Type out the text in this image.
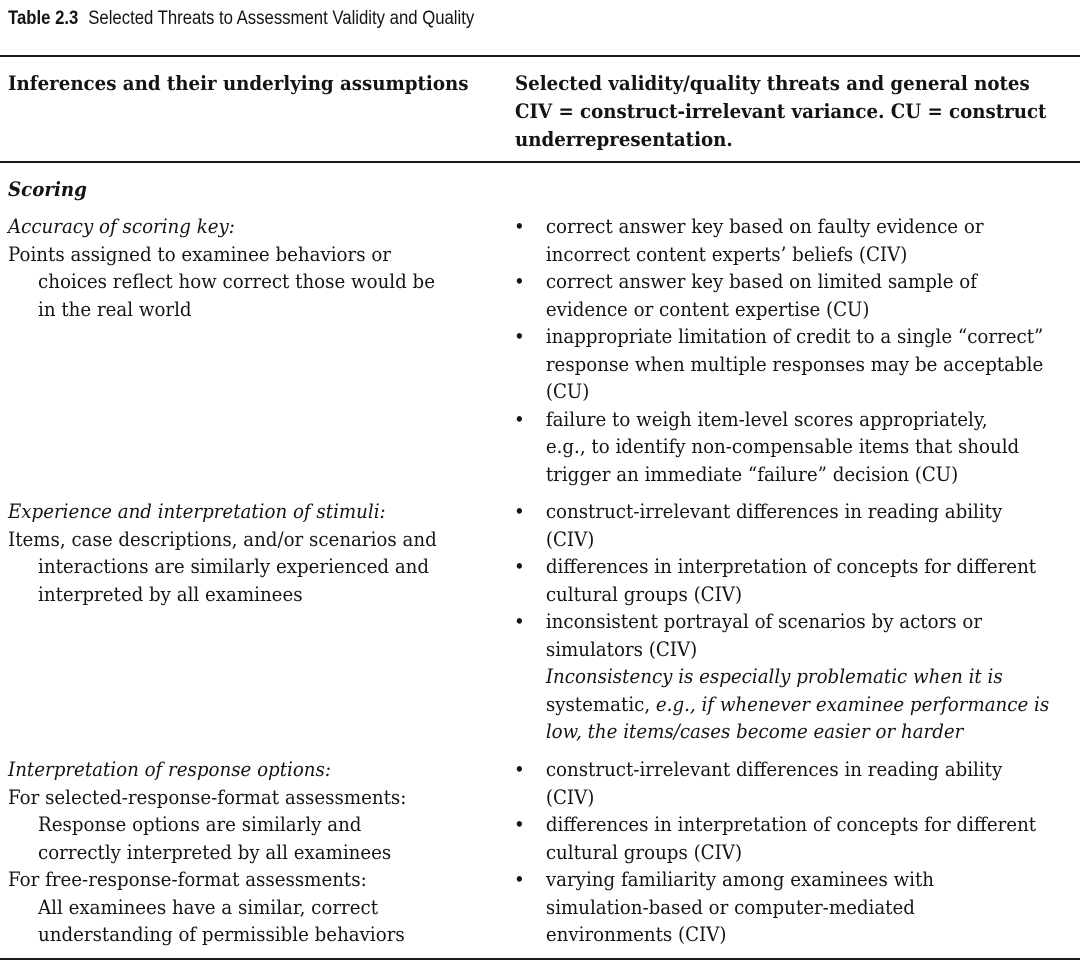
Table 2.3 Selected Threats to Assessment Validity and Quality
Inferences and their underlying assumptions Selected validity/quality threats and general notes
CIV = construct-irrelevant variance. CU = construct
underrepresentation.
Scoring
Accuracy of scoring key:
Points assigned to examinee behaviors or
choices reflect how correct those would be
in the real world
• correct answer key based on faulty evidence or
incorrect content experts’ beliefs (CIV)
• correct answer key based on limited sample of
evidence or content expertise (CU)
• inappropriate limitation of credit to a single “correct”
response when multiple responses may be acceptable
(CU)
• failure to weigh item-level scores appropriately,
e.g., to identify non-compensable items that should
trigger an immediate “failure” decision (CU)
Experience and interpretation of stimuli:
Items, case descriptions, and/or scenarios and
interactions are similarly experienced and
interpreted by all examinees
• construct-irrelevant differences in reading ability
(CIV)
• differences in interpretation of concepts for different
cultural groups (CIV)
• inconsistent portrayal of scenarios by actors or
simulators (CIV)
Inconsistency is especially problematic when it is
systematic, e.g., if whenever examinee performance is
low, the items/cases become easier or harder
Interpretation of response options:
For selected-response-format assessments:
Response options are similarly and
correctly interpreted by all examinees
For free-response-format assessments:
All examinees have a similar, correct
understanding of permissible behaviors
• construct-irrelevant differences in reading ability
(CIV)
• differences in interpretation of concepts for different
cultural groups (CIV)
• varying familiarity among examinees with
simulation-based or computer-mediated
environments (CIV)
